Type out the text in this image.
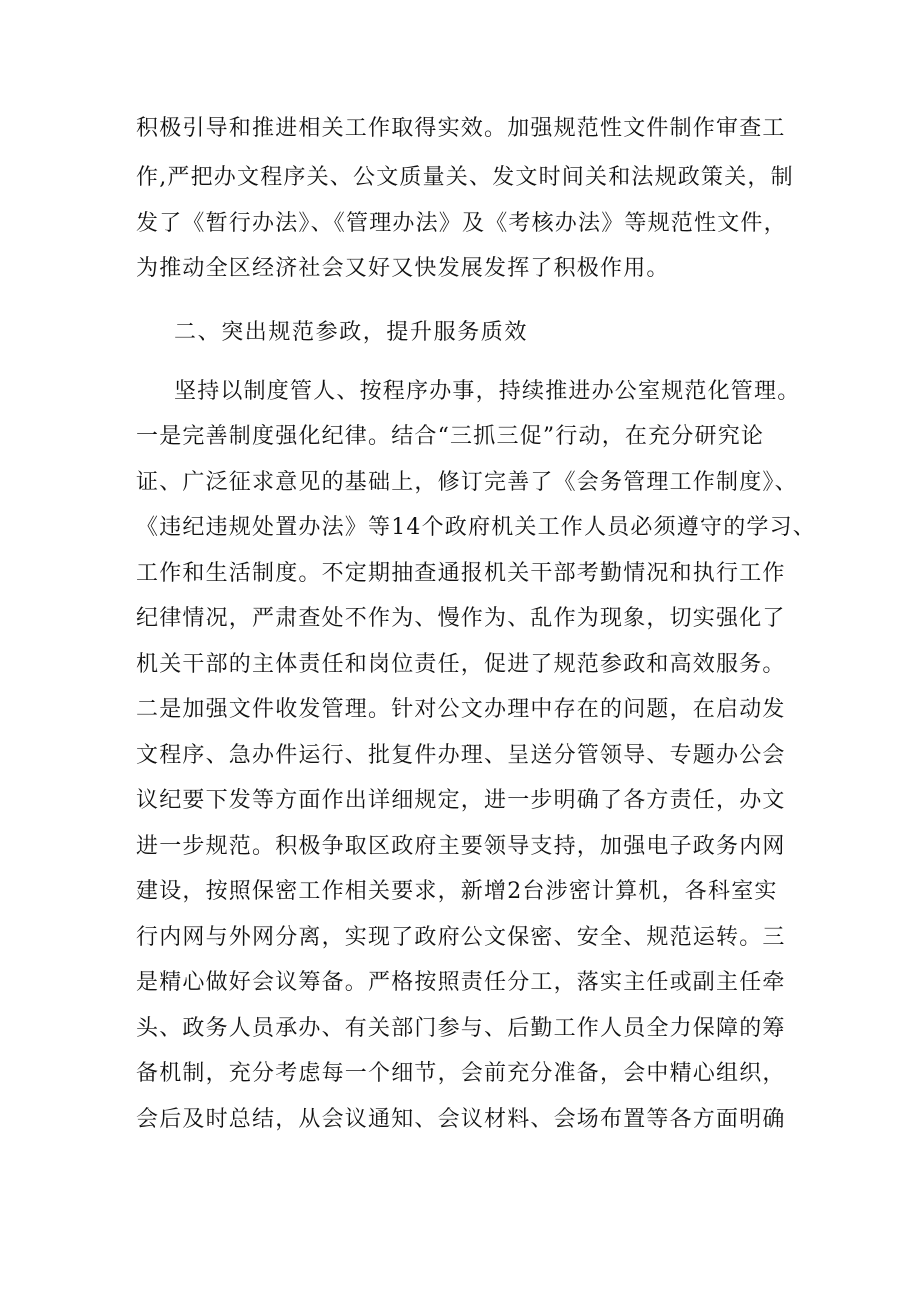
积极引导和推进相关工作取得实效。加强规范性文件制作审查工
作,严把办文程序关、公文质量关、发文时间关和法规政策关，制
发了《暂行办法》、《管理办法》及《考核办法》等规范性文件，
为推动全区经济社会又好又快发展发挥了积极作用。
二、突出规范参政，提升服务质效
坚持以制度管人、按程序办事，持续推进办公室规范化管理。
一是完善制度强化纪律。结合“三抓三促”行动，在充分研究论
证、广泛征求意见的基础上，修订完善了《会务管理工作制度》、
《违纪违规处置办法》等14个政府机关工作人员必须遵守的学习、
工作和生活制度。不定期抽查通报机关干部考勤情况和执行工作
纪律情况，严肃查处不作为、慢作为、乱作为现象，切实强化了
机关干部的主体责任和岗位责任，促进了规范参政和高效服务。
二是加强文件收发管理。针对公文办理中存在的问题，在启动发
文程序、急办件运行、批复件办理、呈送分管领导、专题办公会
议纪要下发等方面作出详细规定，进一步明确了各方责任，办文
进一步规范。积极争取区政府主要领导支持，加强电子政务内网
建设，按照保密工作相关要求，新增2台涉密计算机，各科室实
行内网与外网分离，实现了政府公文保密、安全、规范运转。三
是精心做好会议筹备。严格按照责任分工，落实主任或副主任牵
头、政务人员承办、有关部门参与、后勤工作人员全力保障的筹
备机制，充分考虑每一个细节，会前充分准备，会中精心组织，
会后及时总结，从会议通知、会议材料、会场布置等各方面明确
